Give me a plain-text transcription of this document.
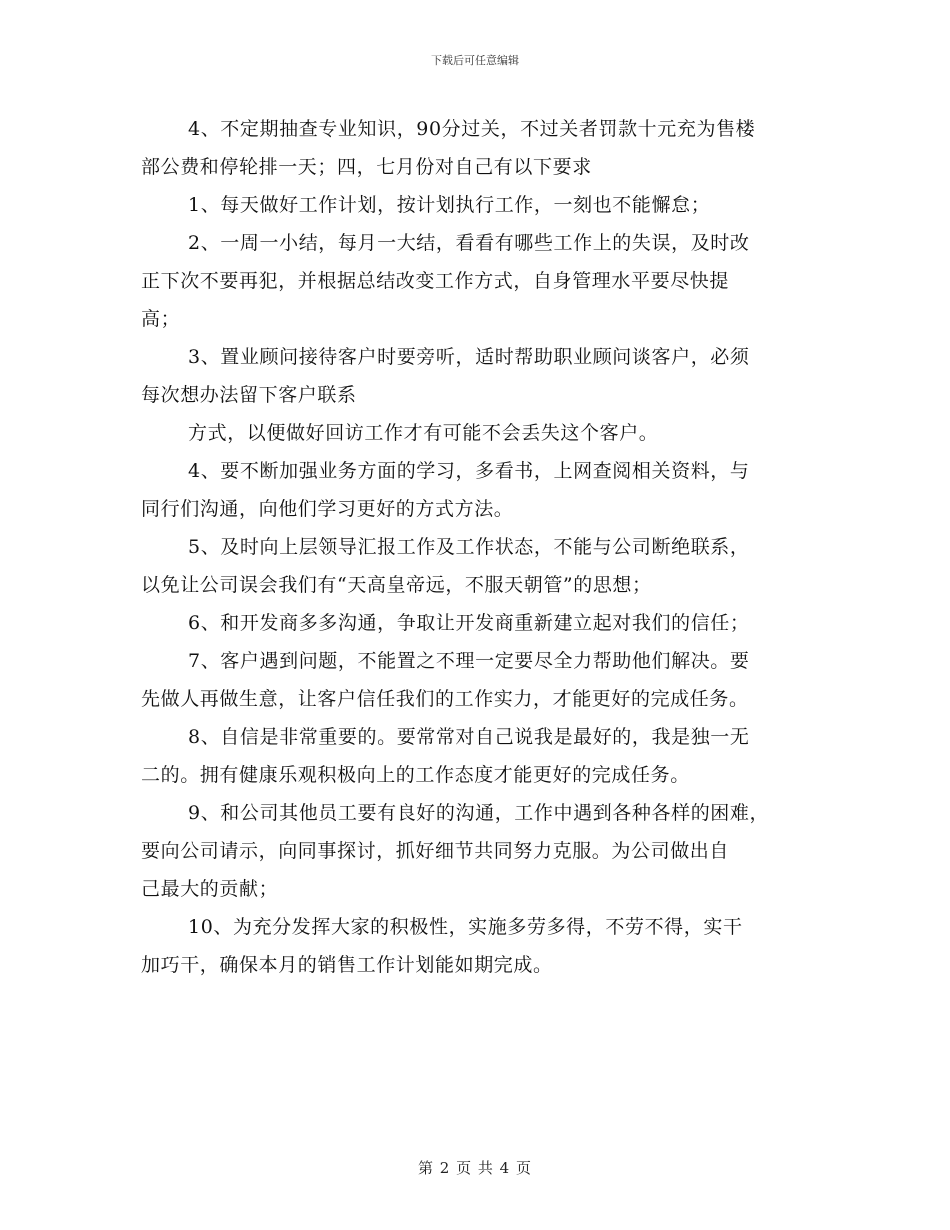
下载后可任意编辑
4、不定期抽查专业知识，90分过关，不过关者罚款十元充为售楼
部公费和停轮排一天；四，七月份对自己有以下要求
1、每天做好工作计划，按计划执行工作，一刻也不能懈怠；
2、一周一小结，每月一大结，看看有哪些工作上的失误，及时改
正下次不要再犯，并根据总结改变工作方式，自身管理水平要尽快提
高；
3、置业顾问接待客户时要旁听，适时帮助职业顾问谈客户，必须
每次想办法留下客户联系
方式，以便做好回访工作才有可能不会丢失这个客户。
4、要不断加强业务方面的学习，多看书，上网查阅相关资料，与
同行们沟通，向他们学习更好的方式方法。
5、及时向上层领导汇报工作及工作状态，不能与公司断绝联系，
以免让公司误会我们有“天高皇帝远，不服天朝管”的思想；
6、和开发商多多沟通，争取让开发商重新建立起对我们的信任；
7、客户遇到问题，不能置之不理一定要尽全力帮助他们解决。要
先做人再做生意，让客户信任我们的工作实力，才能更好的完成任务。
8、自信是非常重要的。要常常对自己说我是最好的，我是独一无
二的。拥有健康乐观积极向上的工作态度才能更好的完成任务。
9、和公司其他员工要有良好的沟通，工作中遇到各种各样的困难，
要向公司请示，向同事探讨，抓好细节共同努力克服。为公司做出自
己最大的贡献；
10、为充分发挥大家的积极性，实施多劳多得，不劳不得，实干
加巧干，确保本月的销售工作计划能如期完成。
第 2 页 共 4 页
